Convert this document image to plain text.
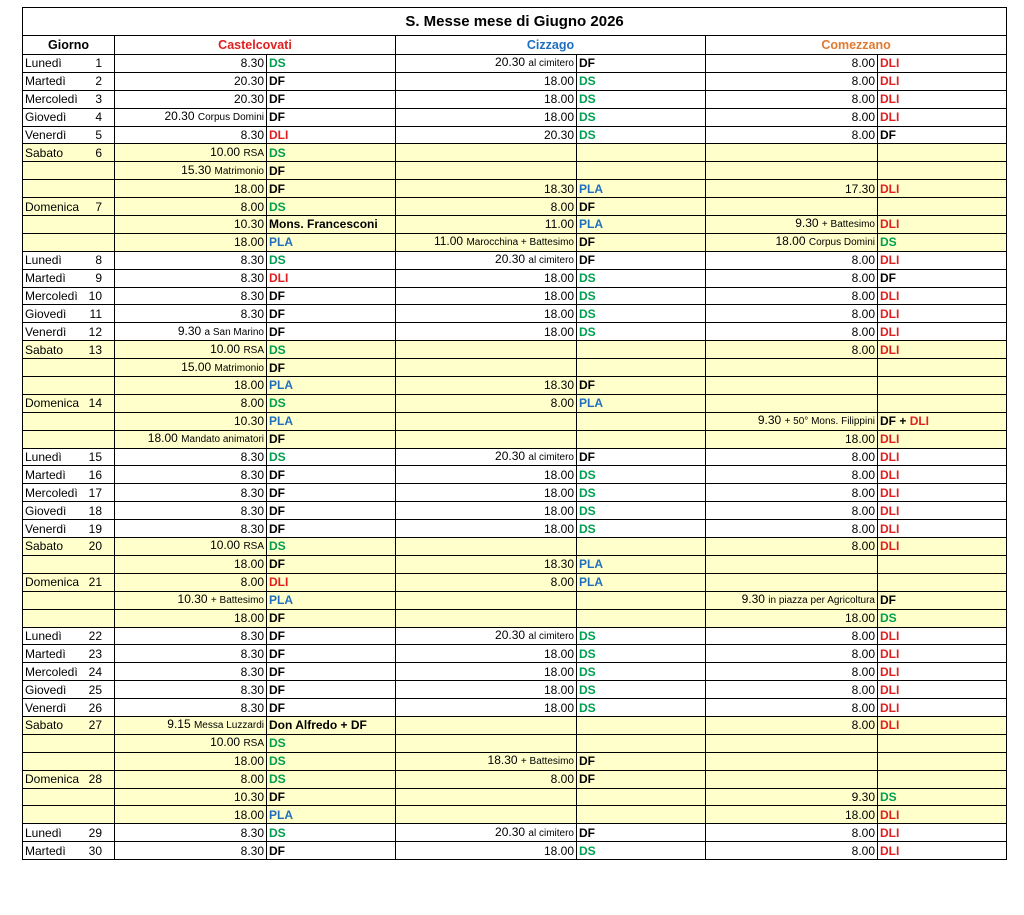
S. Messe mese di Giugno 2026						
Giorno	Castelcovati		Cizzago		Comezzano	

Lunedì 1	8.30	DS	20.30 al cimitero	DF	8.00	DLI

Martedì 2	20.30	DF	18.00	DS	8.00	DLI

Mercoledì 3	20.30	DF	18.00	DS	8.00	DLI

Giovedì 4	20.30 Corpus Domini	DF	18.00	DS	8.00	DLI

Venerdì 5	8.30	DLI	20.30	DS	8.00	DF

Sabato 6	10.00 RSA	DS				

	15.30 Matrimonio	DF				

	18.00	DF	18.30	PLA	17.30	DLI

Domenica 7	8.00	DS	8.00	DF		

	10.30	Mons. Francesconi	11.00	PLA	9.30 + Battesimo	DLI

	18.00	PLA	11.00 Marocchina + Battesimo	DF	18.00 Corpus Domini	DS

Lunedì 8	8.30	DS	20.30 al cimitero	DF	8.00	DLI

Martedì 9	8.30	DLI	18.00	DS	8.00	DF

Mercoledì 10	8.30	DF	18.00	DS	8.00	DLI

Giovedì 11	8.30	DF	18.00	DS	8.00	DLI

Venerdì 12	9.30 a San Marino	DF	18.00	DS	8.00	DLI

Sabato 13	10.00 RSA	DS			8.00	DLI

	15.00 Matrimonio	DF				

	18.00	PLA	18.30	DF		

Domenica 14	8.00	DS	8.00	PLA		

	10.30	PLA			9.30 + 50° Mons. Filippini	DF + DLI

	18.00 Mandato animatori	DF			18.00	DLI

Lunedì 15	8.30	DS	20.30 al cimitero	DF	8.00	DLI

Martedì 16	8.30	DF	18.00	DS	8.00	DLI

Mercoledì 17	8.30	DF	18.00	DS	8.00	DLI

Giovedì 18	8.30	DF	18.00	DS	8.00	DLI

Venerdì 19	8.30	DF	18.00	DS	8.00	DLI

Sabato 20	10.00 RSA	DS			8.00	DLI

	18.00	DF	18.30	PLA		

Domenica 21	8.00	DLI	8.00	PLA		

	10.30 + Battesimo	PLA			9.30 in piazza per Agricoltura	DF

	18.00	DF			18.00	DS

Lunedì 22	8.30	DF	20.30 al cimitero	DS	8.00	DLI

Martedì 23	8.30	DF	18.00	DS	8.00	DLI

Mercoledì 24	8.30	DF	18.00	DS	8.00	DLI

Giovedì 25	8.30	DF	18.00	DS	8.00	DLI

Venerdì 26	8.30	DF	18.00	DS	8.00	DLI

Sabato 27	9.15 Messa Luzzardi	Don Alfredo + DF			8.00	DLI

	10.00 RSA	DS				

	18.00	DS	18.30 + Battesimo	DF		

Domenica 28	8.00	DS	8.00	DF		

	10.30	DF			9.30	DS

	18.00	PLA			18.00	DLI

Lunedì 29	8.30	DS	20.30 al cimitero	DF	8.00	DLI

Martedì 30	8.30	DF	18.00	DS	8.00	DLI
